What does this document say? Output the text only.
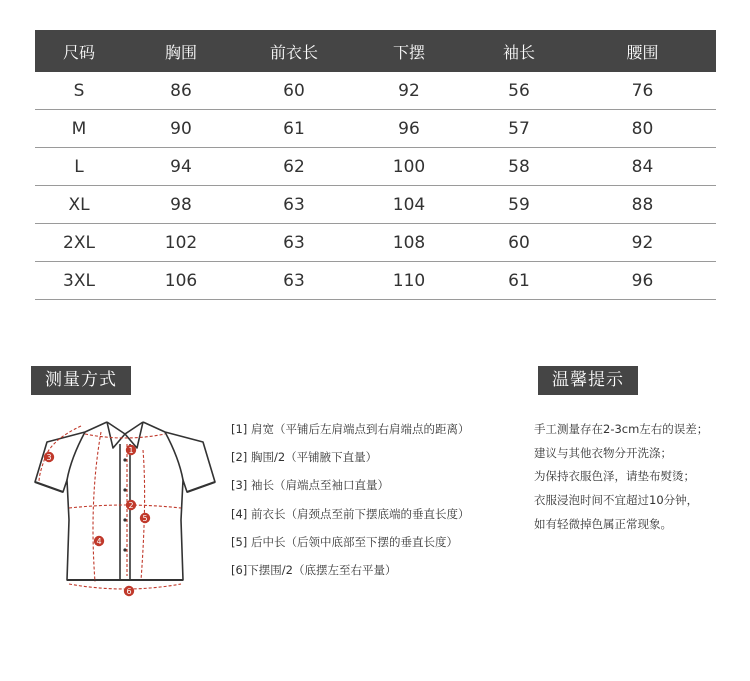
尺码	胸围	前衣长	下摆	袖长	腰围
S	86	60	92	56	76
M	90	61	96	57	80
L	94	62	100	58	84
XL	98	63	104	59	88
2XL	102	63	108	60	92
3XL	106	63	110	61	96
测量方式	温馨提示
1
2
3
4
5
6
[1] 肩宽（平铺后左肩端点到右肩端点的距离）
[2] 胸围/2（平铺腋下直量）
[3] 袖长（肩端点至袖口直量）
[4] 前衣长（肩颈点至前下摆底端的垂直长度）
[5] 后中长（后领中底部至下摆的垂直长度）
[6]下摆围/2（底摆左至右平量）
手工测量存在2-3cm左右的误差；
建议与其他衣物分开洗涤；
为保持衣服色泽，请垫布熨烫；
衣服浸泡时间不宜超过10分钟，
如有轻微掉色属正常现象。
